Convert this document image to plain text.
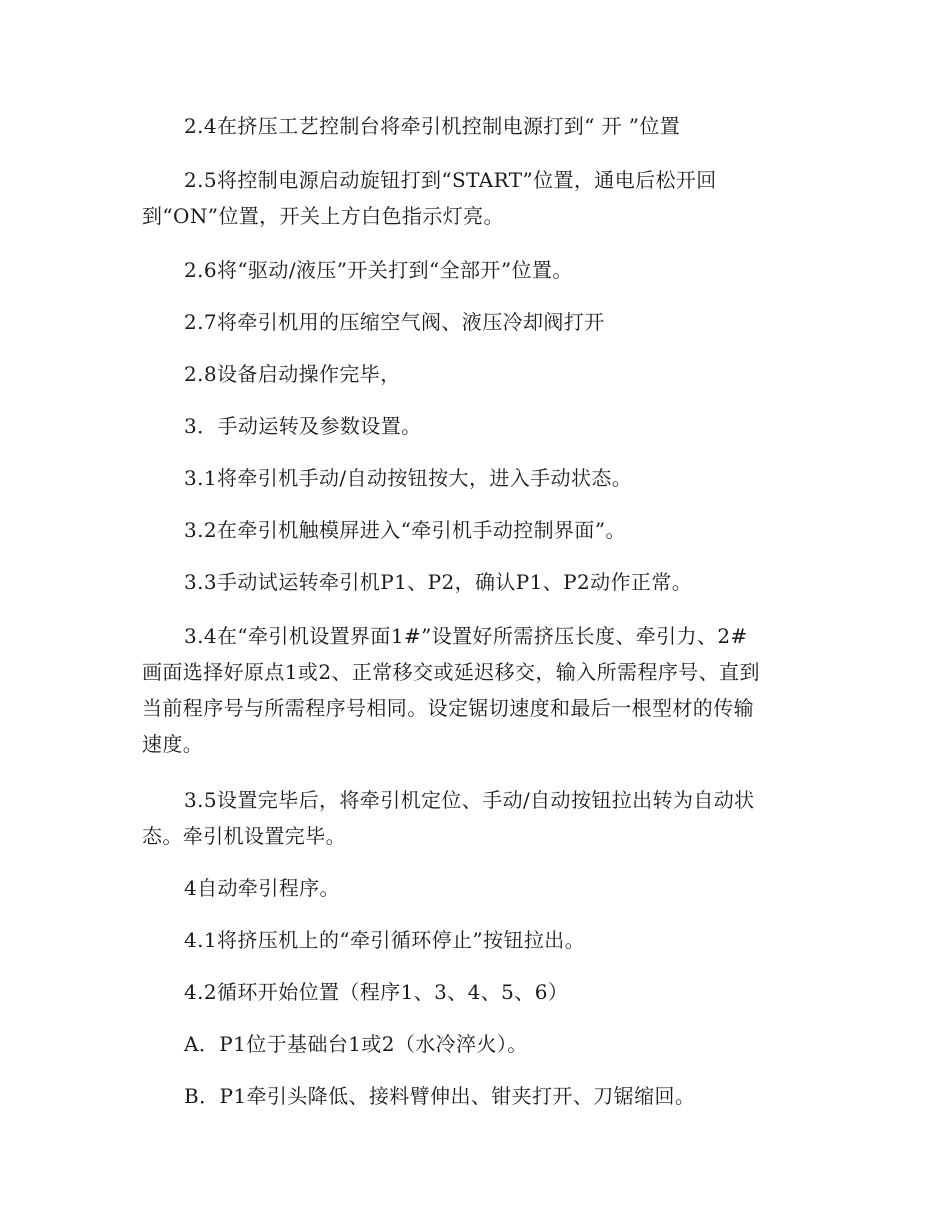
2.4在挤压工艺控制台将牵引机控制电源打到“ 开 ”位置

2.5将控制电源启动旋钮打到“START”位置，通电后松开回
到“ON”位置，开关上方白色指示灯亮。

2.6将“驱动/液压”开关打到“全部开”位置。

2.7将牵引机用的压缩空气阀、液压冷却阀打开

2.8设备启动操作完毕，

3．手动运转及参数设置。

3.1将牵引机手动/自动按钮按大，进入手动状态。

3.2在牵引机触模屏进入“牵引机手动控制界面”。

3.3手动试运转牵引机P1、P2，确认P1、P2动作正常。

3.4在“牵引机设置界面1#”设置好所需挤压长度、牵引力、2#
画面选择好原点1或2、正常移交或延迟移交，输入所需程序号、直到
当前程序号与所需程序号相同。设定锯切速度和最后一根型材的传输
速度。

3.5设置完毕后，将牵引机定位、手动/自动按钮拉出转为自动状
态。牵引机设置完毕。

4自动牵引程序。

4.1将挤压机上的“牵引循环停止”按钮拉出。

4.2循环开始位置（程序1、3、4、5、6）

A．P1位于基础台1或2（水冷淬火）。

B．P1牵引头降低、接料臂伸出、钳夹打开、刀锯缩回。
